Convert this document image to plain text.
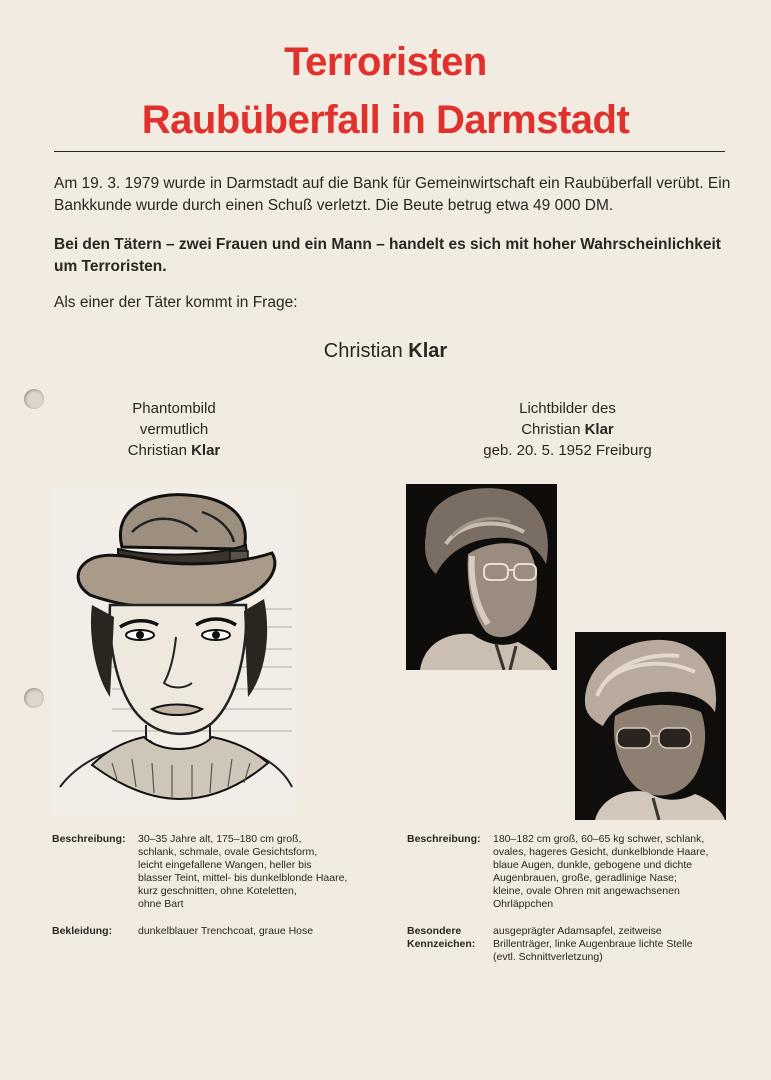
Terroristen
Raubüberfall in Darmstadt
Am 19. 3. 1979 wurde in Darmstadt auf die Bank für Gemeinwirtschaft ein Raubüberfall verübt. Ein Bankkunde wurde durch einen Schuß verletzt. Die Beute betrug etwa 49 000 DM.
Bei den Tätern – zwei Frauen und ein Mann – handelt es sich mit hoher Wahrscheinlichkeit um Terroristen.
Als einer der Täter kommt in Frage:
Christian Klar
Phantombild
vermutlich
Christian Klar
Lichtbilder des
Christian Klar
geb. 20. 5. 1952 Freiburg
Beschreibung: 30–35 Jahre alt, 175–180 cm groß,
schlank, schmale, ovale Gesichtsform,
leicht eingefallene Wangen, heller bis
blasser Teint, mittel- bis dunkelblonde Haare,
kurz geschnitten, ohne Koteletten,
ohne Bart
Bekleidung: dunkelblauer Trenchcoat, graue Hose
Beschreibung: 180–182 cm groß, 60–65 kg schwer, schlank,
ovales, hageres Gesicht, dunkelblonde Haare,
blaue Augen, dunkle, gebogene und dichte
Augenbrauen, große, geradlinige Nase;
kleine, ovale Ohren mit angewachsenen
Ohrläppchen
Besondere
Kennzeichen:
ausgeprägter Adamsapfel, zeitweise
Brillenträger, linke Augenbraue lichte Stelle
(evtl. Schnittverletzung)
